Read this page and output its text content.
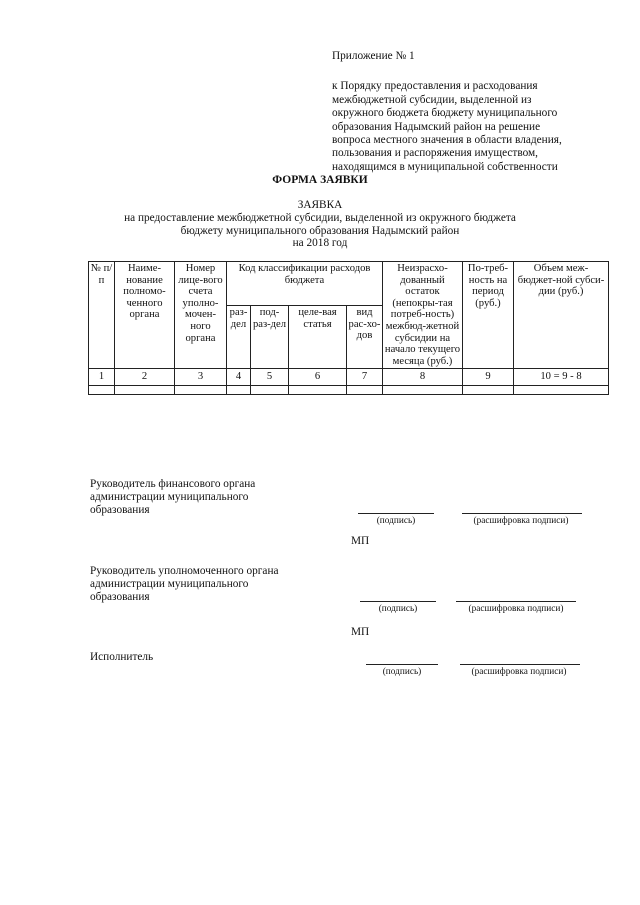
Приложение № 1
к Порядку предоставления и расходования
межбюджетной субсидии, выделенной из
окружного бюджета бюджету муниципального
образования Надымский район на решение
вопроса местного значения в области владения,
пользования и распоряжения имуществом,
находящимся в муниципальной собственности
ФОРМА ЗАЯВКИ
ЗАЯВКА
на предоставление межбюджетной субсидии, выделенной из окружного бюджета
бюджету муниципального образования Надымский район
на 2018 год
№ п/п	Наиме-нование полномо-ченного органа	Номер лице-вого счета уполно-мочен-ного органа	Код классификации расходов бюджета				Неизрасхо-дованный остаток (непокры-тая потреб-ность) межбюд-жетной субсидии на начало текущего месяца (руб.)	По-треб-ность на период (руб.)	Объем меж-бюджет-ной субси-дии (руб.)
			раз-дел	под-раз-дел	целе-вая статья	вид рас-хо-дов			
1	2	3	4	5	6	7	8	9	10 = 9 - 8

Руководитель финансового органа
администрации муниципального
образования
(подпись)	(расшифровка подписи)
МП
Руководитель уполномоченного органа
администрации муниципального
образования
(подпись)	(расшифровка подписи)
МП
Исполнитель
(подпись)	(расшифровка подписи)
